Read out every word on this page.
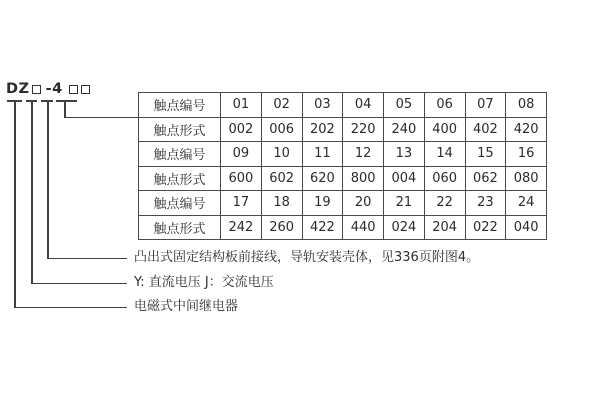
DZ -4
触点编号	01	02	03	04	05	06	07	08
触点形式	002	006	202	220	240	400	402	420
触点编号	09	10	11	12	13	14	15	16
触点形式	600	602	620	800	004	060	062	080
触点编号	17	18	19	20	21	22	23	24
触点形式	242	260	422	440	024	204	022	040
凸出式固定结构板前接线，导轨安装壳体，见336页附图4。
Y: 直流电压 J：交流电压
电磁式中间继电器
